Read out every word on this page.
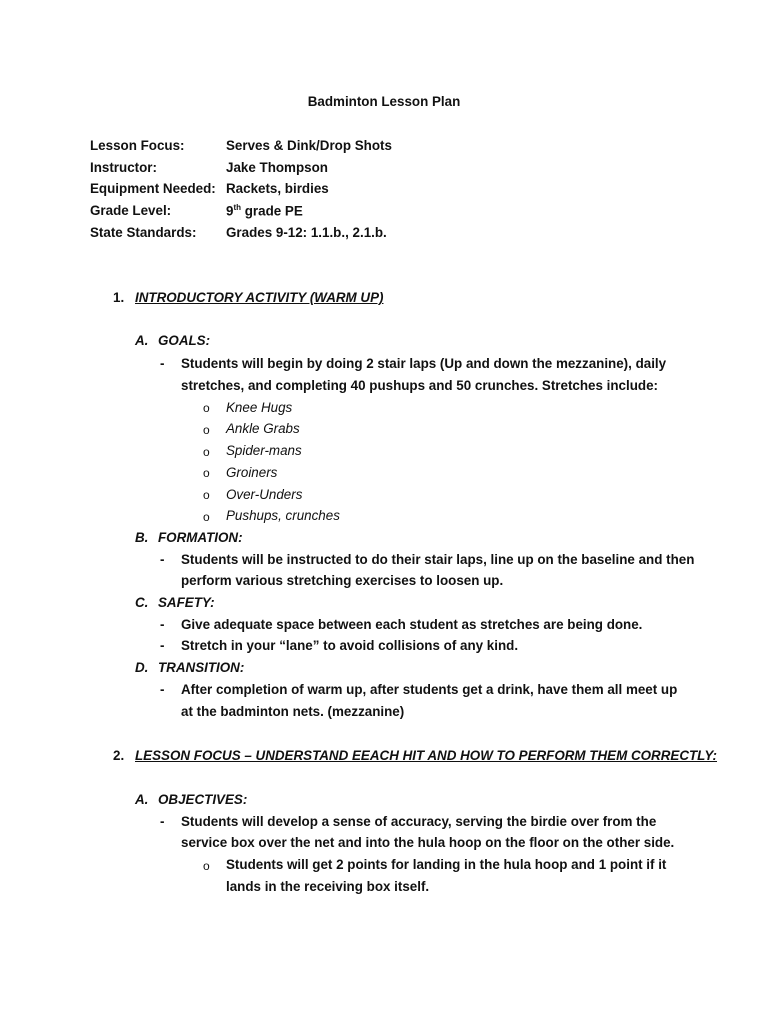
Badminton Lesson Plan
Lesson Focus:	Serves & Dink/Drop Shots
Instructor:	Jake Thompson
Equipment Needed: Rackets, birdies
Grade Level:	9th grade PE
State Standards: Grades 9-12: 1.1.b., 2.1.b.
1. INTRODUCTORY ACTIVITY (WARM UP)
A. GOALS:
- Students will begin by doing 2 stair laps (Up and down the mezzanine), daily
stretches, and completing 40 pushups and 50 crunches. Stretches include:
o Knee Hugs
o Ankle Grabs
o Spider-mans
o Groiners
o Over-Unders
o Pushups, crunches
B. FORMATION:
- Students will be instructed to do their stair laps, line up on the baseline and then
perform various stretching exercises to loosen up.
C. SAFETY:
- Give adequate space between each student as stretches are being done.
- Stretch in your “lane” to avoid collisions of any kind.
D. TRANSITION:
- After completion of warm up, after students get a drink, have them all meet up
at the badminton nets. (mezzanine)
2. LESSON FOCUS – UNDERSTAND EEACH HIT AND HOW TO PERFORM THEM CORRECTLY:
A. OBJECTIVES:
- Students will develop a sense of accuracy, serving the birdie over from the
service box over the net and into the hula hoop on the floor on the other side.
o Students will get 2 points for landing in the hula hoop and 1 point if it
lands in the receiving box itself.
